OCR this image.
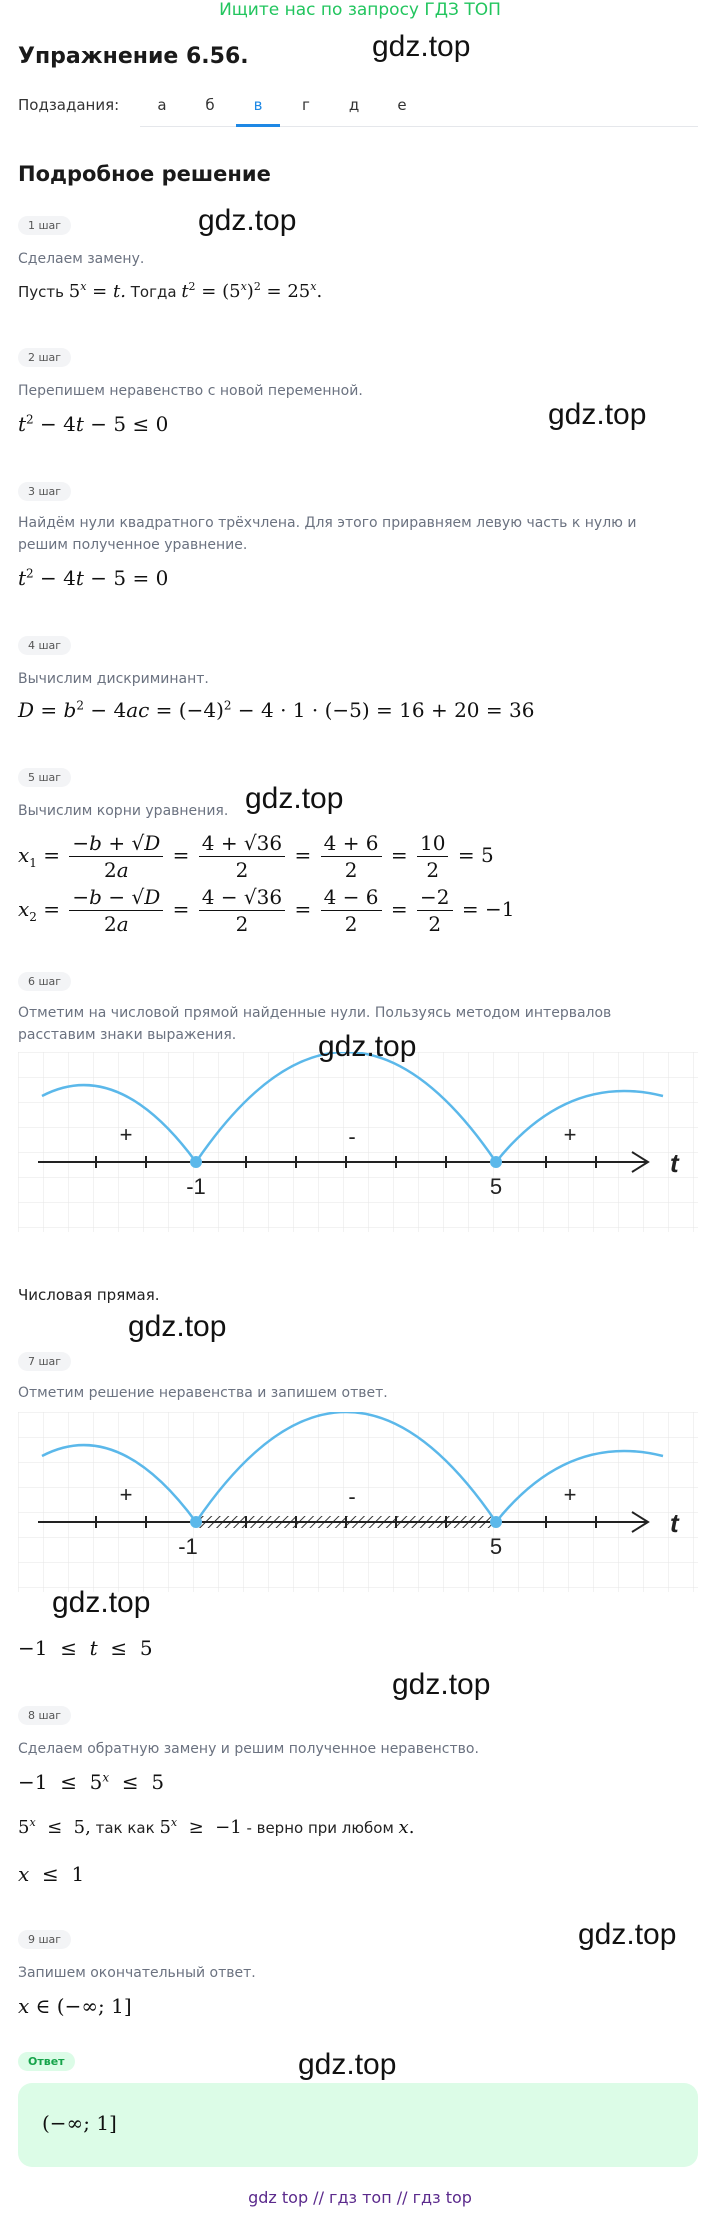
Ищите нас по запросу ГДЗ ТОП
Упражнение 6.56.	gdz.top
Подзадания:	а	б	в	г	д	е
Подробное решение
1 шаг	gdz.top
Сделаем замену.
Пусть $5^x = t$. Тогда $t^2 = (5^x)^2 = 25^x$.
2 шаг
Перепишем неравенство с новой переменной.
gdz.top
$t^2 - 4t - 5 \le 0$
3 шаг
Найдём нули квадратного трёхчлена. Для этого приравняем левую часть к нулю и решим полученное уравнение.
$t^2 - 4t - 5 = 0$
4 шаг
Вычислим дискриминант.
$D = b^2 - 4ac = (-4)^2 - 4 \cdot 1 \cdot (-5) = 16 + 20 = 36$
5 шаг
Вычислим корни уравнения. gdz.top
$x_1 = \frac{-b + √D}{2a} = \frac{4 + √36}{2} = \frac{4 + 6}{2} = \frac{10}{2} = 5$
$x_2 = \frac{-b - √D}{2a} = \frac{4 - √36}{2} = \frac{4 - 6}{2} = \frac{-2}{2} = -1$
6 шаг
Отметим на числовой прямой найденные нули. Пользуясь методом интервалов расставим знаки выражения.
-1	5
t
+	-	+
gdz.top
Числовая прямая.
gdz.top
7 шаг
Отметим решение неравенства и запишем ответ.
-1	5
t
+	-	+
gdz.top
−1  ≤  t  ≤  5
gdz.top
8 шаг
Сделаем обратную замену и решим полученное неравенство.
−1  ≤  5$^x$  ≤  5
5$^x$  ≤  5, так как 5$^x$  ≥  −1 - верно при любом x.
x  ≤  1
9 шаг	gdz.top
Запишем окончательный ответ.
x ∈ (−∞; 1]
Ответ	gdz.top
(−∞; 1]
gdz top // гдз топ // гдз top
